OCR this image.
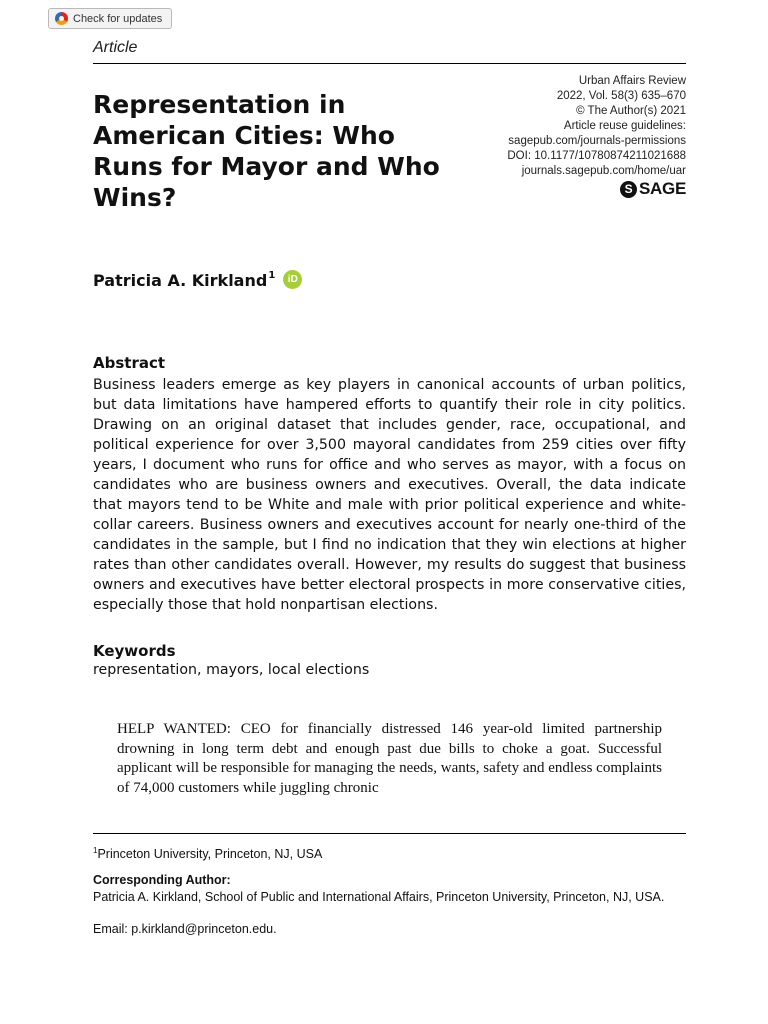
Check for updates
Article
Representation in American Cities: Who Runs for Mayor and Who Wins?
Urban Affairs Review
2022, Vol. 58(3) 635–670
© The Author(s) 2021
Article reuse guidelines:
sagepub.com/journals-permissions
DOI: 10.1177/10780874211021688
journals.sagepub.com/home/uar
S SAGE
Patricia A. Kirkland$^1$	iD
Abstract
Business leaders emerge as key players in canonical accounts of urban politics, but data limitations have hampered efforts to quantify their role in city politics. Drawing on an original dataset that includes gender, race, occupational, and political experience for over 3,500 mayoral candidates from 259 cities over fifty years, I document who runs for office and who serves as mayor, with a focus on candidates who are business owners and executives. Overall, the data indicate that mayors tend to be White and male with prior political experience and white-collar careers. Business owners and executives account for nearly one-third of the candidates in the sample, but I find no indication that they win elections at higher rates than other candidates overall. However, my results do suggest that business owners and executives have better electoral prospects in more conservative cities, especially those that hold nonpartisan elections.
Keywords
representation, mayors, local elections
HELP WANTED: CEO for financially distressed 146 year-old limited partnership drowning in long term debt and enough past due bills to choke a goat. Successful applicant will be responsible for managing the needs, wants, safety and endless complaints of 74,000 customers while juggling chronic
$^1$Princeton University, Princeton, NJ, USA
Corresponding Author:
Patricia A. Kirkland, School of Public and International Affairs, Princeton University, Princeton, NJ, USA.
Email: p.kirkland@princeton.edu.
